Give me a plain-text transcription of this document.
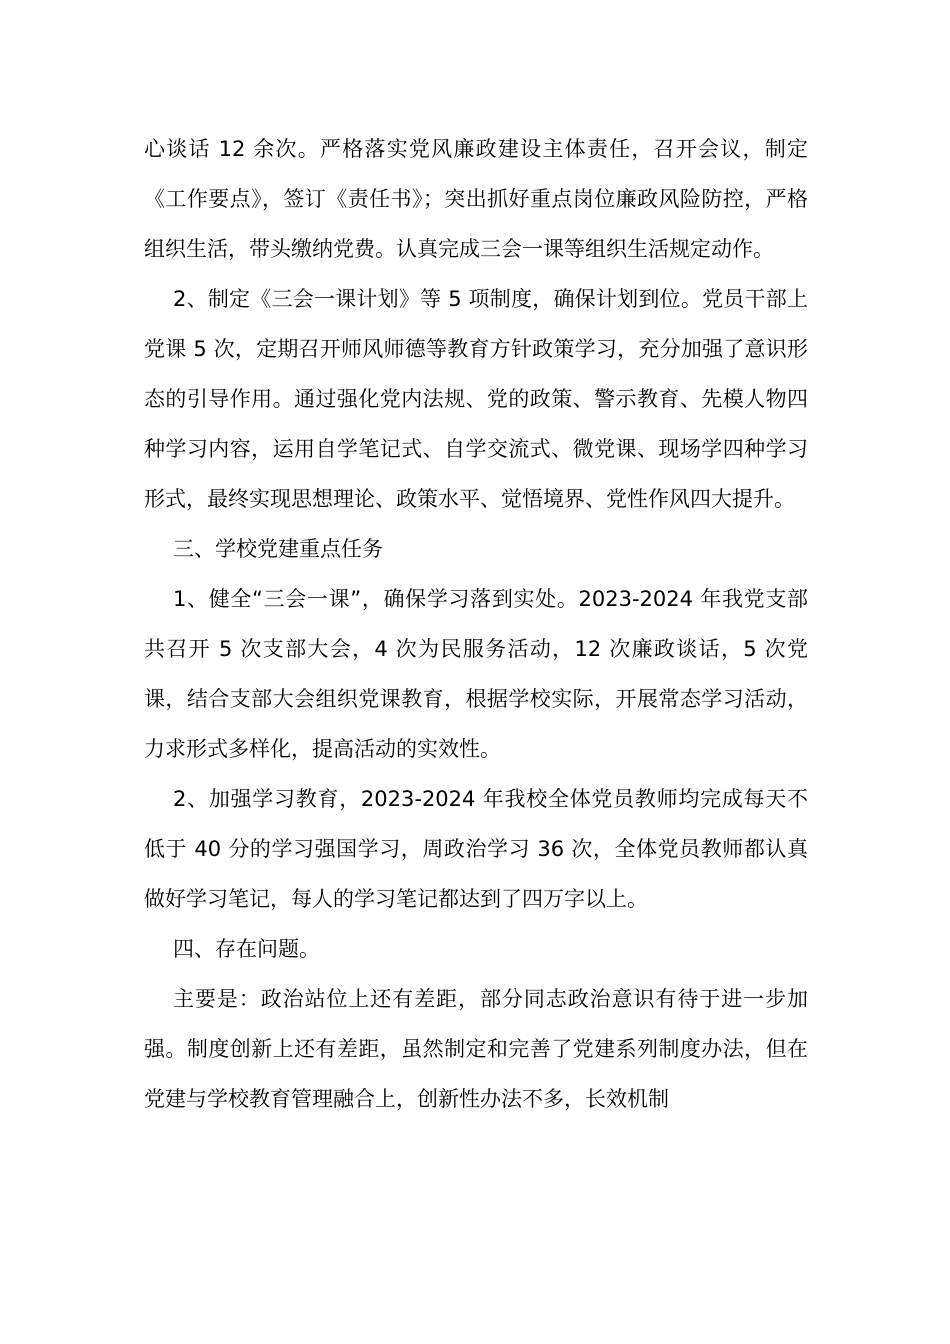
心谈话 12 余次。严格落实党风廉政建设主体责任，召开会议，制定《工作要点》，签订《责任书》；突出抓好重点岗位廉政风险防控，严格组织生活，带头缴纳党费。认真完成三会一课等组织生活规定动作。

2、制定《三会一课计划》等 5 项制度，确保计划到位。党员干部上党课 5 次，定期召开师风师德等教育方针政策学习，充分加强了意识形态的引导作用。通过强化党内法规、党的政策、警示教育、先模人物四种学习内容，运用自学笔记式、自学交流式、微党课、现场学四种学习形式，最终实现思想理论、政策水平、觉悟境界、党性作风四大提升。

三、学校党建重点任务

1、健全“三会一课”，确保学习落到实处。2023-2024 年我党支部共召开 5 次支部大会，4 次为民服务活动，12 次廉政谈话，5 次党课，结合支部大会组织党课教育，根据学校实际，开展常态学习活动，力求形式多样化，提高活动的实效性。

2、加强学习教育，2023-2024 年我校全体党员教师均完成每天不低于 40 分的学习强国学习，周政治学习 36 次，全体党员教师都认真做好学习笔记，每人的学习笔记都达到了四万字以上。

四、存在问题。

主要是：政治站位上还有差距，部分同志政治意识有待于进一步加强。制度创新上还有差距，虽然制定和完善了党建系列制度办法，但在党建与学校教育管理融合上，创新性办法不多，长效机制
